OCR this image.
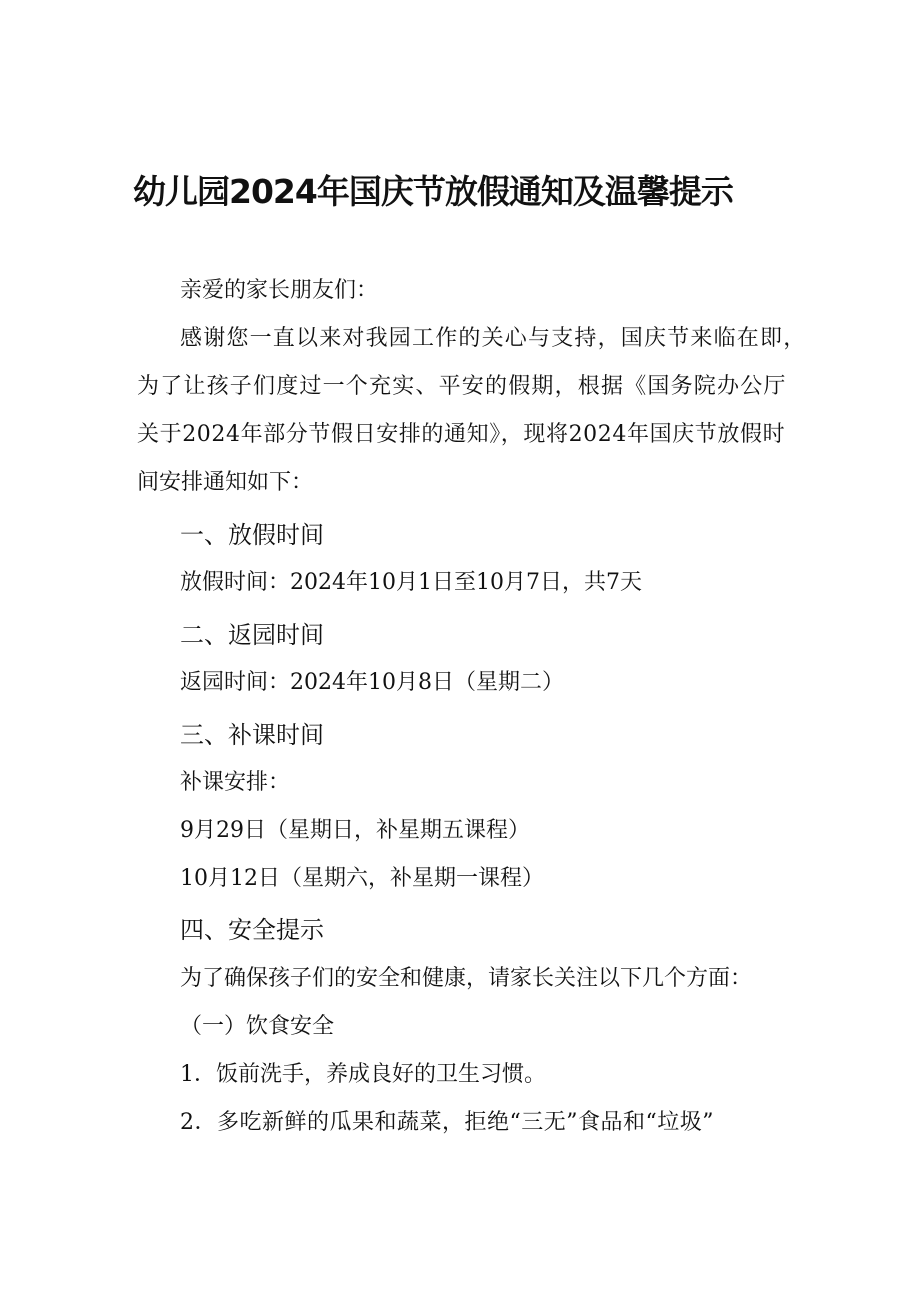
幼儿园2024年国庆节放假通知及温馨提示
亲爱的家长朋友们：
感谢您一直以来对我园工作的关心与支持，国庆节来临在即，
为了让孩子们度过一个充实、平安的假期，根据《国务院办公厅
关于2024年部分节假日安排的通知》，现将2024年国庆节放假时
间安排通知如下：
一、放假时间
放假时间：2024年10月1日至10月7日，共7天
二、返园时间
返园时间：2024年10月8日（星期二）
三、补课时间
补课安排：
9月29日（星期日，补星期五课程）
10月12日（星期六，补星期一课程）
四、安全提示
为了确保孩子们的安全和健康，请家长关注以下几个方面：
（一）饮食安全
1．饭前洗手，养成良好的卫生习惯。
2．多吃新鲜的瓜果和蔬菜，拒绝“三无”食品和“垃圾”
